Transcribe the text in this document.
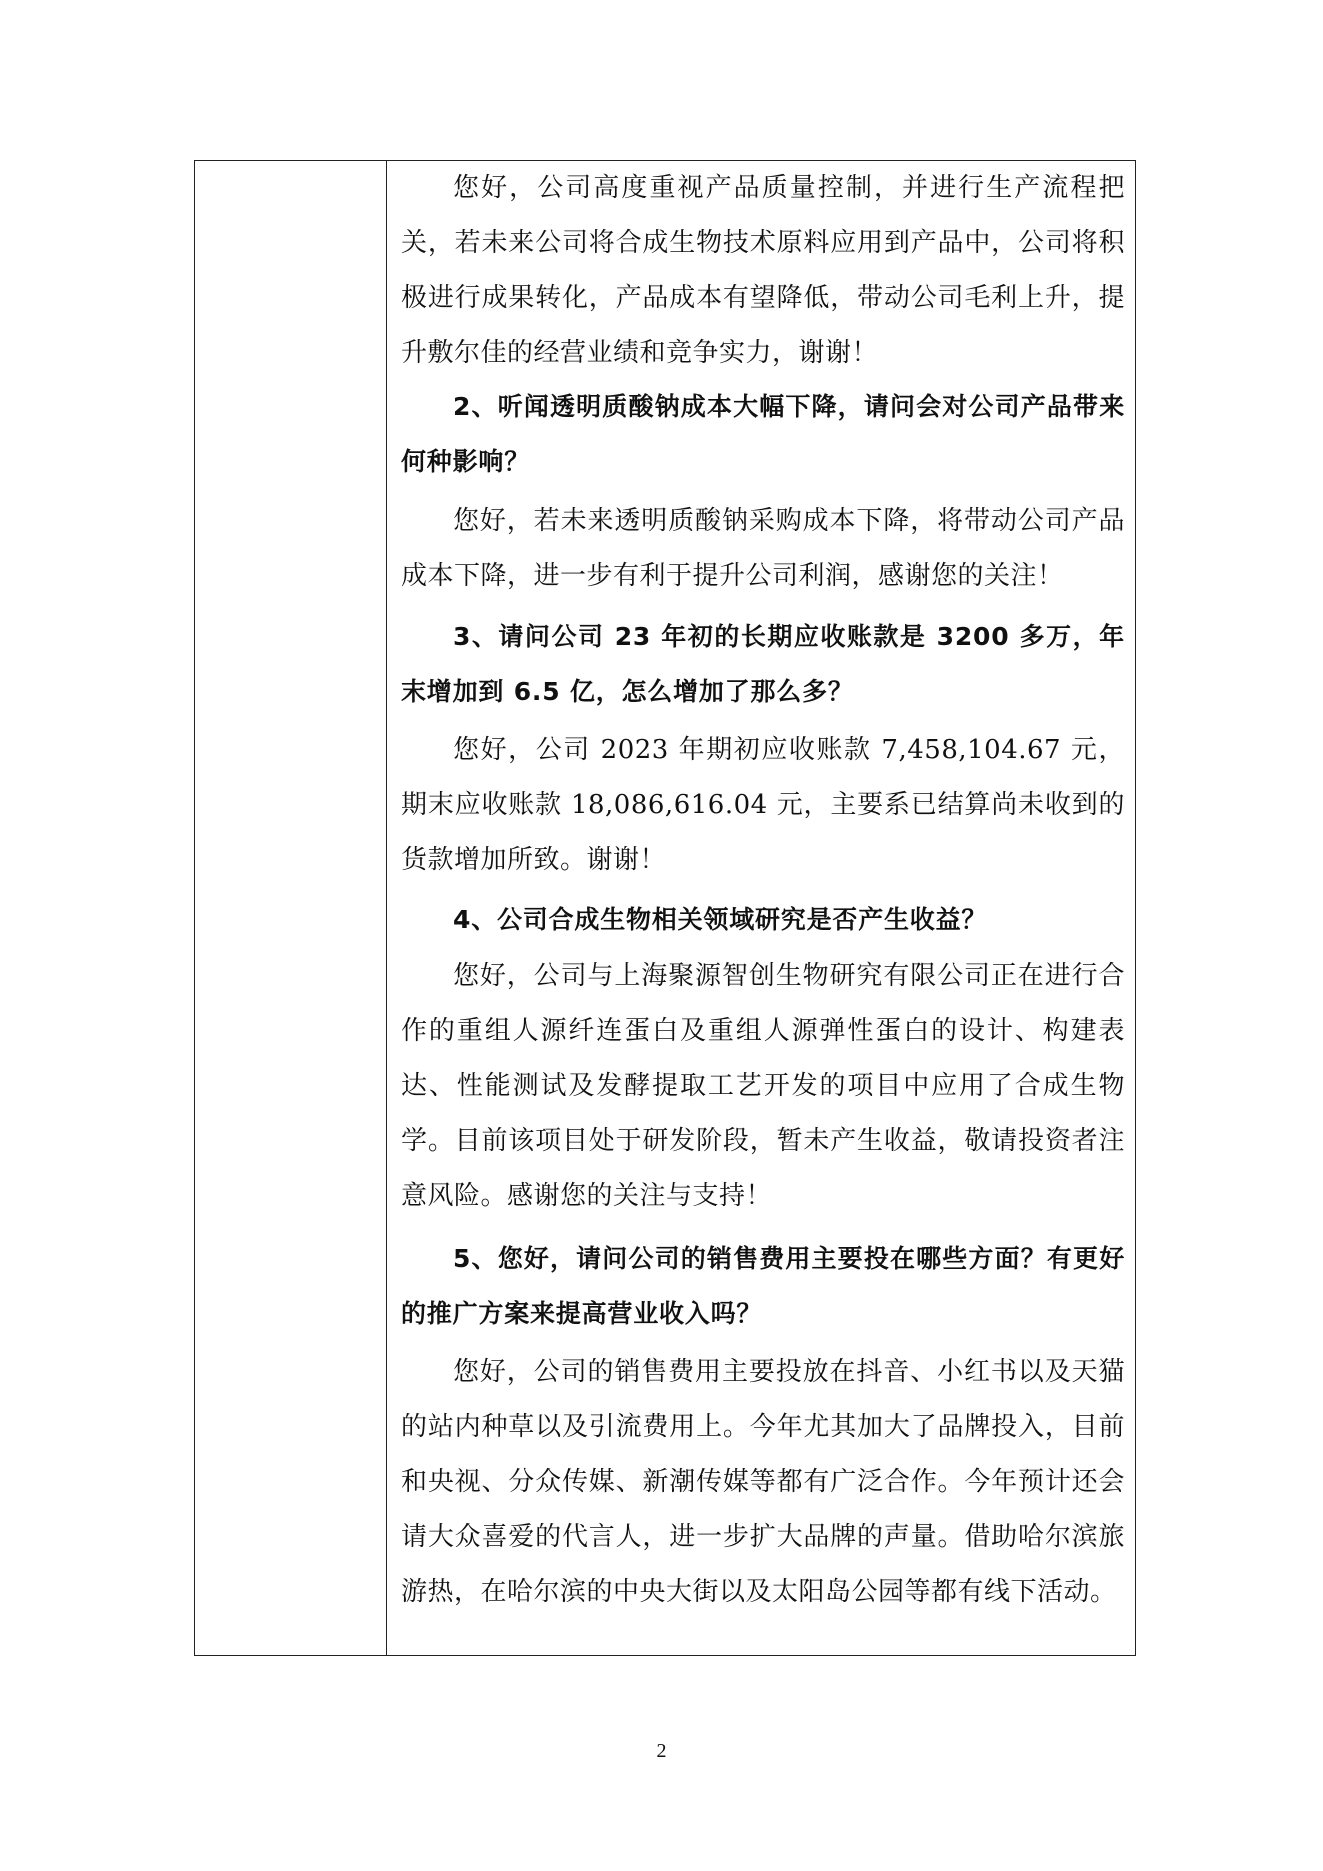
您好，公司高度重视产品质量控制，并进行生产流程把关，若未来公司将合成生物技术原料应用到产品中，公司将积极进行成果转化，产品成本有望降低，带动公司毛利上升，提升敷尔佳的经营业绩和竞争实力，谢谢！

2、听闻透明质酸钠成本大幅下降，请问会对公司产品带来何种影响？

您好，若未来透明质酸钠采购成本下降，将带动公司产品成本下降，进一步有利于提升公司利润，感谢您的关注！

3、请问公司 23 年初的长期应收账款是 3200 多万，年末增加到 6.5 亿，怎么增加了那么多？

您好，公司 2023 年期初应收账款 7,458,104.67 元，期末应收账款 18,086,616.04 元，主要系已结算尚未收到的货款增加所致。谢谢！

4、公司合成生物相关领域研究是否产生收益？

您好，公司与上海聚源智创生物研究有限公司正在进行合作的重组人源纤连蛋白及重组人源弹性蛋白的设计、构建表达、性能测试及发酵提取工艺开发的项目中应用了合成生物学。目前该项目处于研发阶段，暂未产生收益，敬请投资者注意风险。感谢您的关注与支持！

5、您好，请问公司的销售费用主要投在哪些方面？有更好的推广方案来提高营业收入吗？

您好，公司的销售费用主要投放在抖音、小红书以及天猫的站内种草以及引流费用上。今年尤其加大了品牌投入，目前和央视、分众传媒、新潮传媒等都有广泛合作。今年预计还会请大众喜爱的代言人，进一步扩大品牌的声量。借助哈尔滨旅游热，在哈尔滨的中央大街以及太阳岛公园等都有线下活动。

2
